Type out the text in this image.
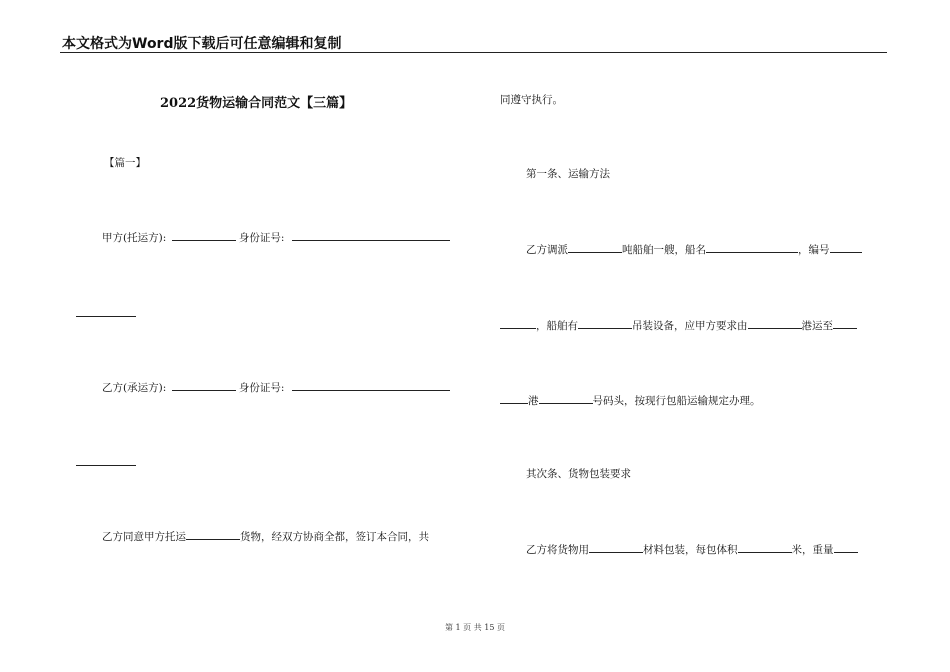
本文格式为Word版下载后可任意编辑和复制
2022货物运输合同范文【三篇】
【篇一】
甲方(托运方):	身份证号:
乙方(承运方):	身份证号:
乙方同意甲方托运	货物，经双方协商全都，签订本合同，共
同遵守执行。
第一条、运输方法
乙方调派	吨船舶一艘，船名	，编号
，船舶有	吊装设备，应甲方要求由	港运至
港	号码头，按现行包船运输规定办理。
其次条、货物包装要求
乙方将货物用	材料包装，每包体积	米，重量
第 1 页 共 15 页
